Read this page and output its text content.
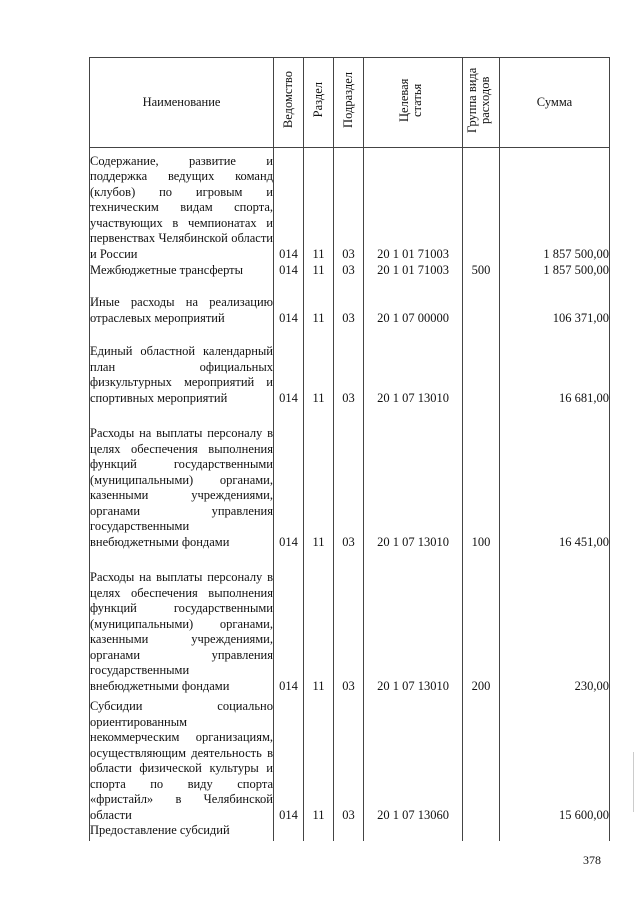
Наименование	Ведомство	Раздел	Подраздел	Целевая статья	Группа вида расходов	Сумма
Содержание, развитие и поддержка ведущих команд (клубов) по игровым и техническим видам спорта, участвующих в чемпионатах и первенствах Челябинской области и России	014	11	03	20 1 01 71003		1 857 500,00
Межбюджетные трансферты	014	11	03	20 1 01 71003	500	1 857 500,00
Иные расходы на реализацию отраслевых мероприятий	014	11	03	20 1 07 00000		106 371,00
Единый областной календарный план официальных физкультурных мероприятий и спортивных мероприятий	014	11	03	20 1 07 13010		16 681,00
Расходы на выплаты персоналу в целях обеспечения выполнения функций государственными (муниципальными) органами, казенными учреждениями, органами управления государственными внебюджетными фондами	014	11	03	20 1 07 13010	100	16 451,00
Расходы на выплаты персоналу в целях обеспечения выполнения функций государственными (муниципальными) органами, казенными учреждениями, органами управления государственными внебюджетными фондами	014	11	03	20 1 07 13010	200	230,00
Субсидии социально ориентированным некоммерческим организациям, осуществляющим деятельность в области физической культуры и спорта по виду спорта «фристайл» в Челябинской области	014	11	03	20 1 07 13060		15 600,00
Предоставление субсидий						
378
